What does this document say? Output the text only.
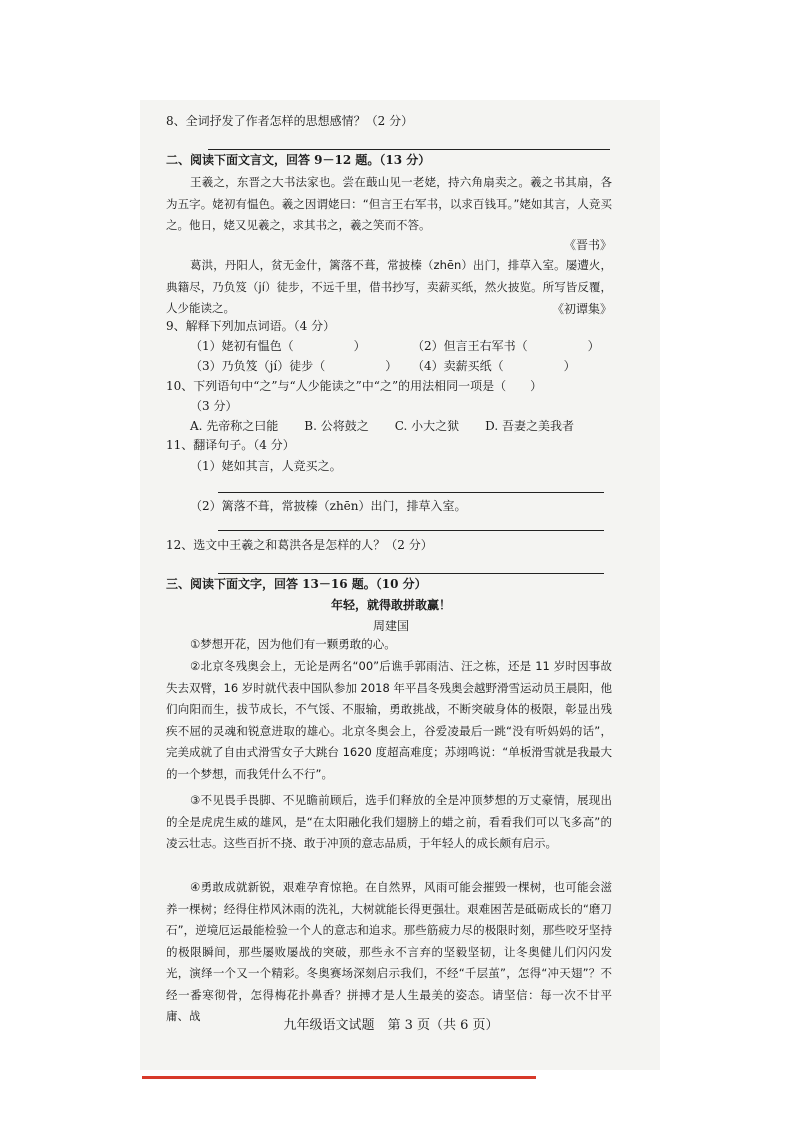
8、全词抒发了作者怎样的思想感情？（2 分）
二、阅读下面文言文，回答 9－12 题。（13 分）
王羲之，东晋之大书法家也。尝在蕺山见一老姥，持六角扇卖之。羲之书其扇，各为五字。姥初有愠色。羲之因谓姥曰：“但言王右军书，以求百钱耳。”姥如其言，人竞买之。他日，姥又见羲之，求其书之，羲之笑而不答。
《晋书》
葛洪，丹阳人，贫无金什，篱落不葺，常披榛（zhēn）出门，排草入室。屡遭火，典籍尽，乃负笈（jí）徒步，不远千里，借书抄写，卖薪买纸，然火披览。所写皆反覆，人少能读之。	《初谭集》
9、解释下列加点词语。（4 分）
（1）姥初有愠色（　　　　　）	（2）但言王右军书（　　　　　）
（3）乃负笈（jí）徒步（　　　　　）	（4）卖薪买纸（　　　　　）
10、下列语句中“之”与“人少能读之”中“之”的用法相同一项是（　　）
（3 分）
A. 先帝称之曰能 B. 公将鼓之 C. 小大之狱 D. 吾妻之美我者
11、翻译句子。（4 分）
（1）姥如其言，人竞买之。
（2）篱落不葺，常披榛（zhēn）出门，排草入室。
12、选文中王羲之和葛洪各是怎样的人？（2 分）
三、阅读下面文字，回答 13－16 题。（10 分）
年轻，就得敢拼敢赢！
周建国
①梦想开花，因为他们有一颗勇敢的心。
②北京冬残奥会上，无论是两名“00”后谯手郭雨洁、汪之栋，还是 11 岁时因事故失去双臂，16 岁时就代表中国队参加 2018 年平昌冬残奥会越野滑雪运动员王晨阳，他们向阳而生，拔节成长，不气馁、不服输，勇敢挑战，不断突破身体的极限，彰显出残疾不屈的灵魂和锐意进取的雄心。北京冬奥会上，谷爱凌最后一跳“没有听妈妈的话”，完美成就了自由式滑雪女子大跳台 1620 度超高难度；苏翊鸣说：“单板滑雪就是我最大的一个梦想，而我凭什么不行”。
③不见畏手畏脚、不见瞻前顾后，选手们释放的全是冲顶梦想的万丈豪情，展现出的全是虎虎生威的雄风，是“在太阳融化我们翅膀上的蜡之前，看看我们可以飞多高”的凌云壮志。这些百折不挠、敢于冲顶的意志品质，于年轻人的成长颇有启示。
④勇敢成就新锐，艰难孕育惊艳。在自然界，风雨可能会摧毁一棵树，也可能会滋养一棵树；经得住栉风沐雨的洗礼，大树就能长得更强壮。艰难困苦是砥砺成长的“磨刀石”，逆境厄运最能检验一个人的意志和追求。那些筋疲力尽的极限时刻，那些咬牙坚持的极限瞬间，那些屡败屡战的突破，那些永不言弃的坚毅坚韧，让冬奥健儿们闪闪发光，演绎一个又一个精彩。冬奥赛场深刻启示我们，不经“千层茧”，怎得“冲天翅”？不经一番寒彻骨，怎得梅花扑鼻香？拼搏才是人生最美的姿态。请坚信：每一次不甘平庸、战
九年级语文试题　第 3 页（共 6 页）
